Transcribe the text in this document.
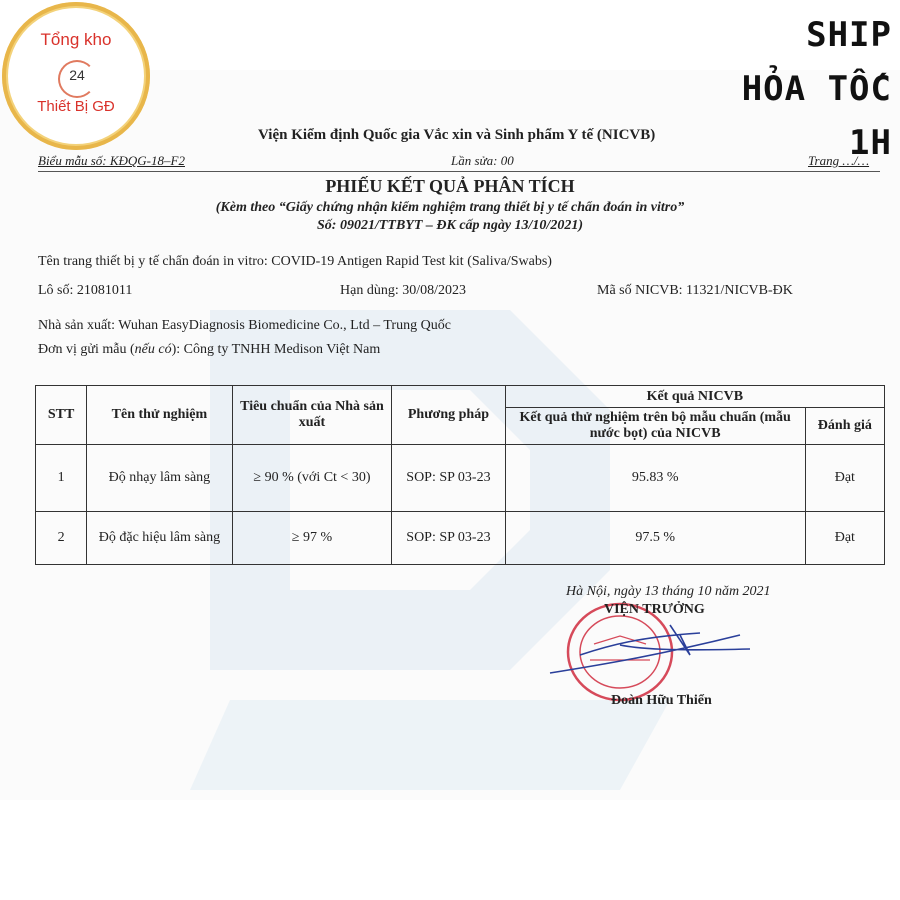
Tổng kho
24
Thiết Bị GĐ
SHIP
HỎA TỐC
1H
Viện Kiểm định Quốc gia Vắc xin và Sinh phẩm Y tế (NICVB)
Biểu mẫu số: KĐQG-18–F2	Lần sửa: 00	Trang …/…
PHIẾU KẾT QUẢ PHÂN TÍCH
(Kèm theo “Giấy chứng nhận kiểm nghiệm trang thiết bị y tế chẩn đoán in vitro”
Số: 09021/TTBYT – ĐK cấp ngày 13/10/2021)
Tên trang thiết bị y tế chẩn đoán in vitro: COVID-19 Antigen Rapid Test kit (Saliva/Swabs)
Lô số: 21081011	Hạn dùng: 30/08/2023	Mã số NICVB: 11321/NICVB-ĐK
Nhà sản xuất: Wuhan EasyDiagnosis Biomedicine Co., Ltd – Trung Quốc
Đơn vị gửi mẫu (nếu có): Công ty TNHH Medison Việt Nam
STT	Tên thử nghiệm	Tiêu chuẩn của Nhà sản xuất	Phương pháp	Kết quả NICVB	
				Kết quả thử nghiệm trên bộ mẫu chuẩn (mẫu nước bọt) của NICVB	Đánh giá
1	Độ nhạy lâm sàng	≥ 90 % (với Ct < 30)	SOP: SP 03-23	95.83 %	Đạt
2	Độ đặc hiệu lâm sàng	≥ 97 %	SOP: SP 03-23	97.5 %	Đạt
Hà Nội, ngày 13 tháng 10 năm 2021
VIỆN TRƯỞNG
Đoàn Hữu Thiển
